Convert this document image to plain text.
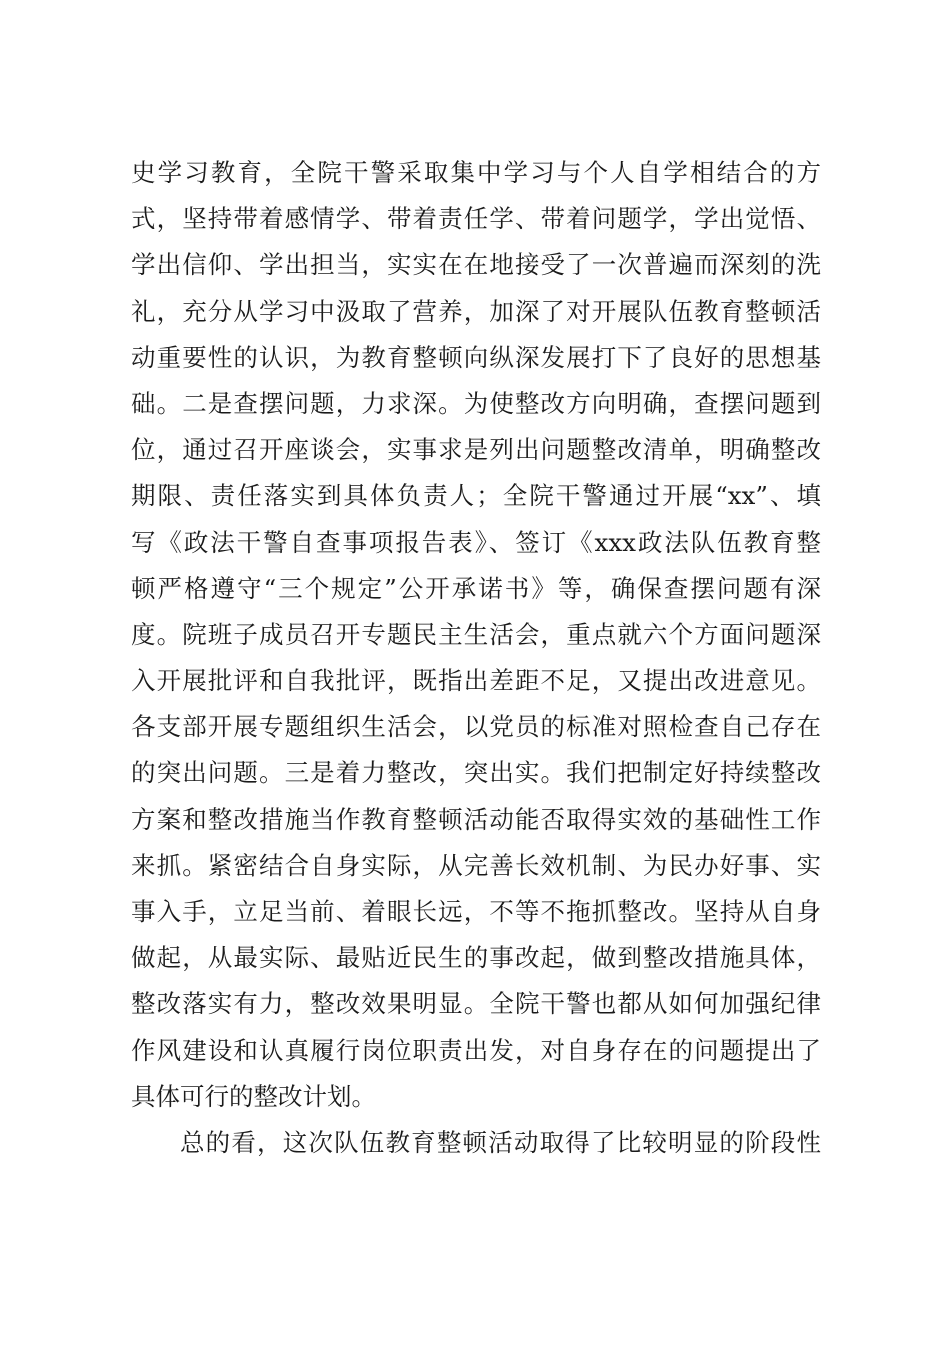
史学习教育，全院干警采取集中学习与个人自学相结合的方
式，坚持带着感情学、带着责任学、带着问题学，学出觉悟、
学出信仰、学出担当，实实在在地接受了一次普遍而深刻的洗
礼，充分从学习中汲取了营养，加深了对开展队伍教育整顿活
动重要性的认识，为教育整顿向纵深发展打下了良好的思想基
础。二是查摆问题，力求深。为使整改方向明确，查摆问题到
位，通过召开座谈会，实事求是列出问题整改清单，明确整改
期限、责任落实到具体负责人；全院干警通过开展“xx”、填
写《政法干警自查事项报告表》、签订《xxx政法队伍教育整
顿严格遵守“三个规定”公开承诺书》等，确保查摆问题有深
度。院班子成员召开专题民主生活会，重点就六个方面问题深
入开展批评和自我批评，既指出差距不足，又提出改进意见。
各支部开展专题组织生活会，以党员的标准对照检查自己存在
的突出问题。三是着力整改，突出实。我们把制定好持续整改
方案和整改措施当作教育整顿活动能否取得实效的基础性工作
来抓。紧密结合自身实际，从完善长效机制、为民办好事、实
事入手，立足当前、着眼长远，不等不拖抓整改。坚持从自身
做起，从最实际、最贴近民生的事改起，做到整改措施具体，
整改落实有力，整改效果明显。全院干警也都从如何加强纪律
作风建设和认真履行岗位职责出发，对自身存在的问题提出了
具体可行的整改计划。
总的看，这次队伍教育整顿活动取得了比较明显的阶段性
